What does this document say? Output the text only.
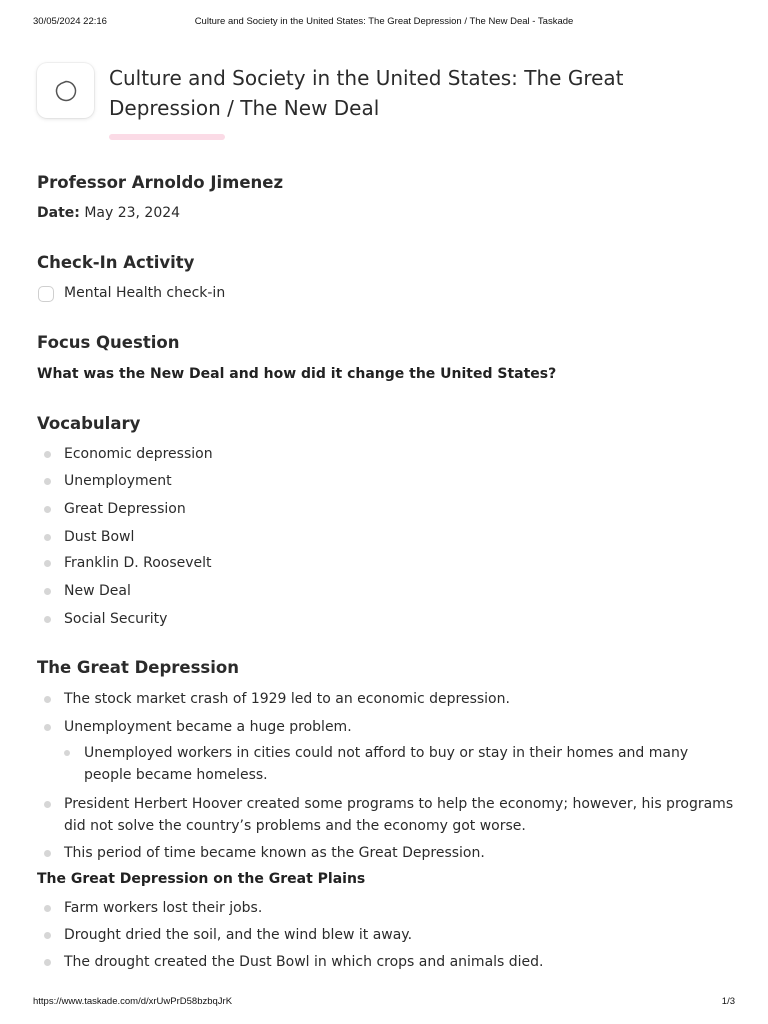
30/05/2024 22:16	Culture and Society in the United States: The Great Depression / The New Deal - Taskade
Culture and Society in the United States: The Great Depression / The New Deal
Professor Arnoldo Jimenez
Date: May 23, 2024
Check-In Activity
Mental Health check-in
Focus Question
What was the New Deal and how did it change the United States?
Vocabulary
Economic depression
Unemployment
Great Depression
Dust Bowl
Franklin D. Roosevelt
New Deal
Social Security
The Great Depression
The stock market crash of 1929 led to an economic depression.
Unemployment became a huge problem.
Unemployed workers in cities could not afford to buy or stay in their homes and many people became homeless.
President Herbert Hoover created some programs to help the economy; however, his programs did not solve the country’s problems and the economy got worse.
This period of time became known as the Great Depression.
The Great Depression on the Great Plains
Farm workers lost their jobs.
Drought dried the soil, and the wind blew it away.
The drought created the Dust Bowl in which crops and animals died.
https://www.taskade.com/d/xrUwPrD58bzbqJrK	1/3
